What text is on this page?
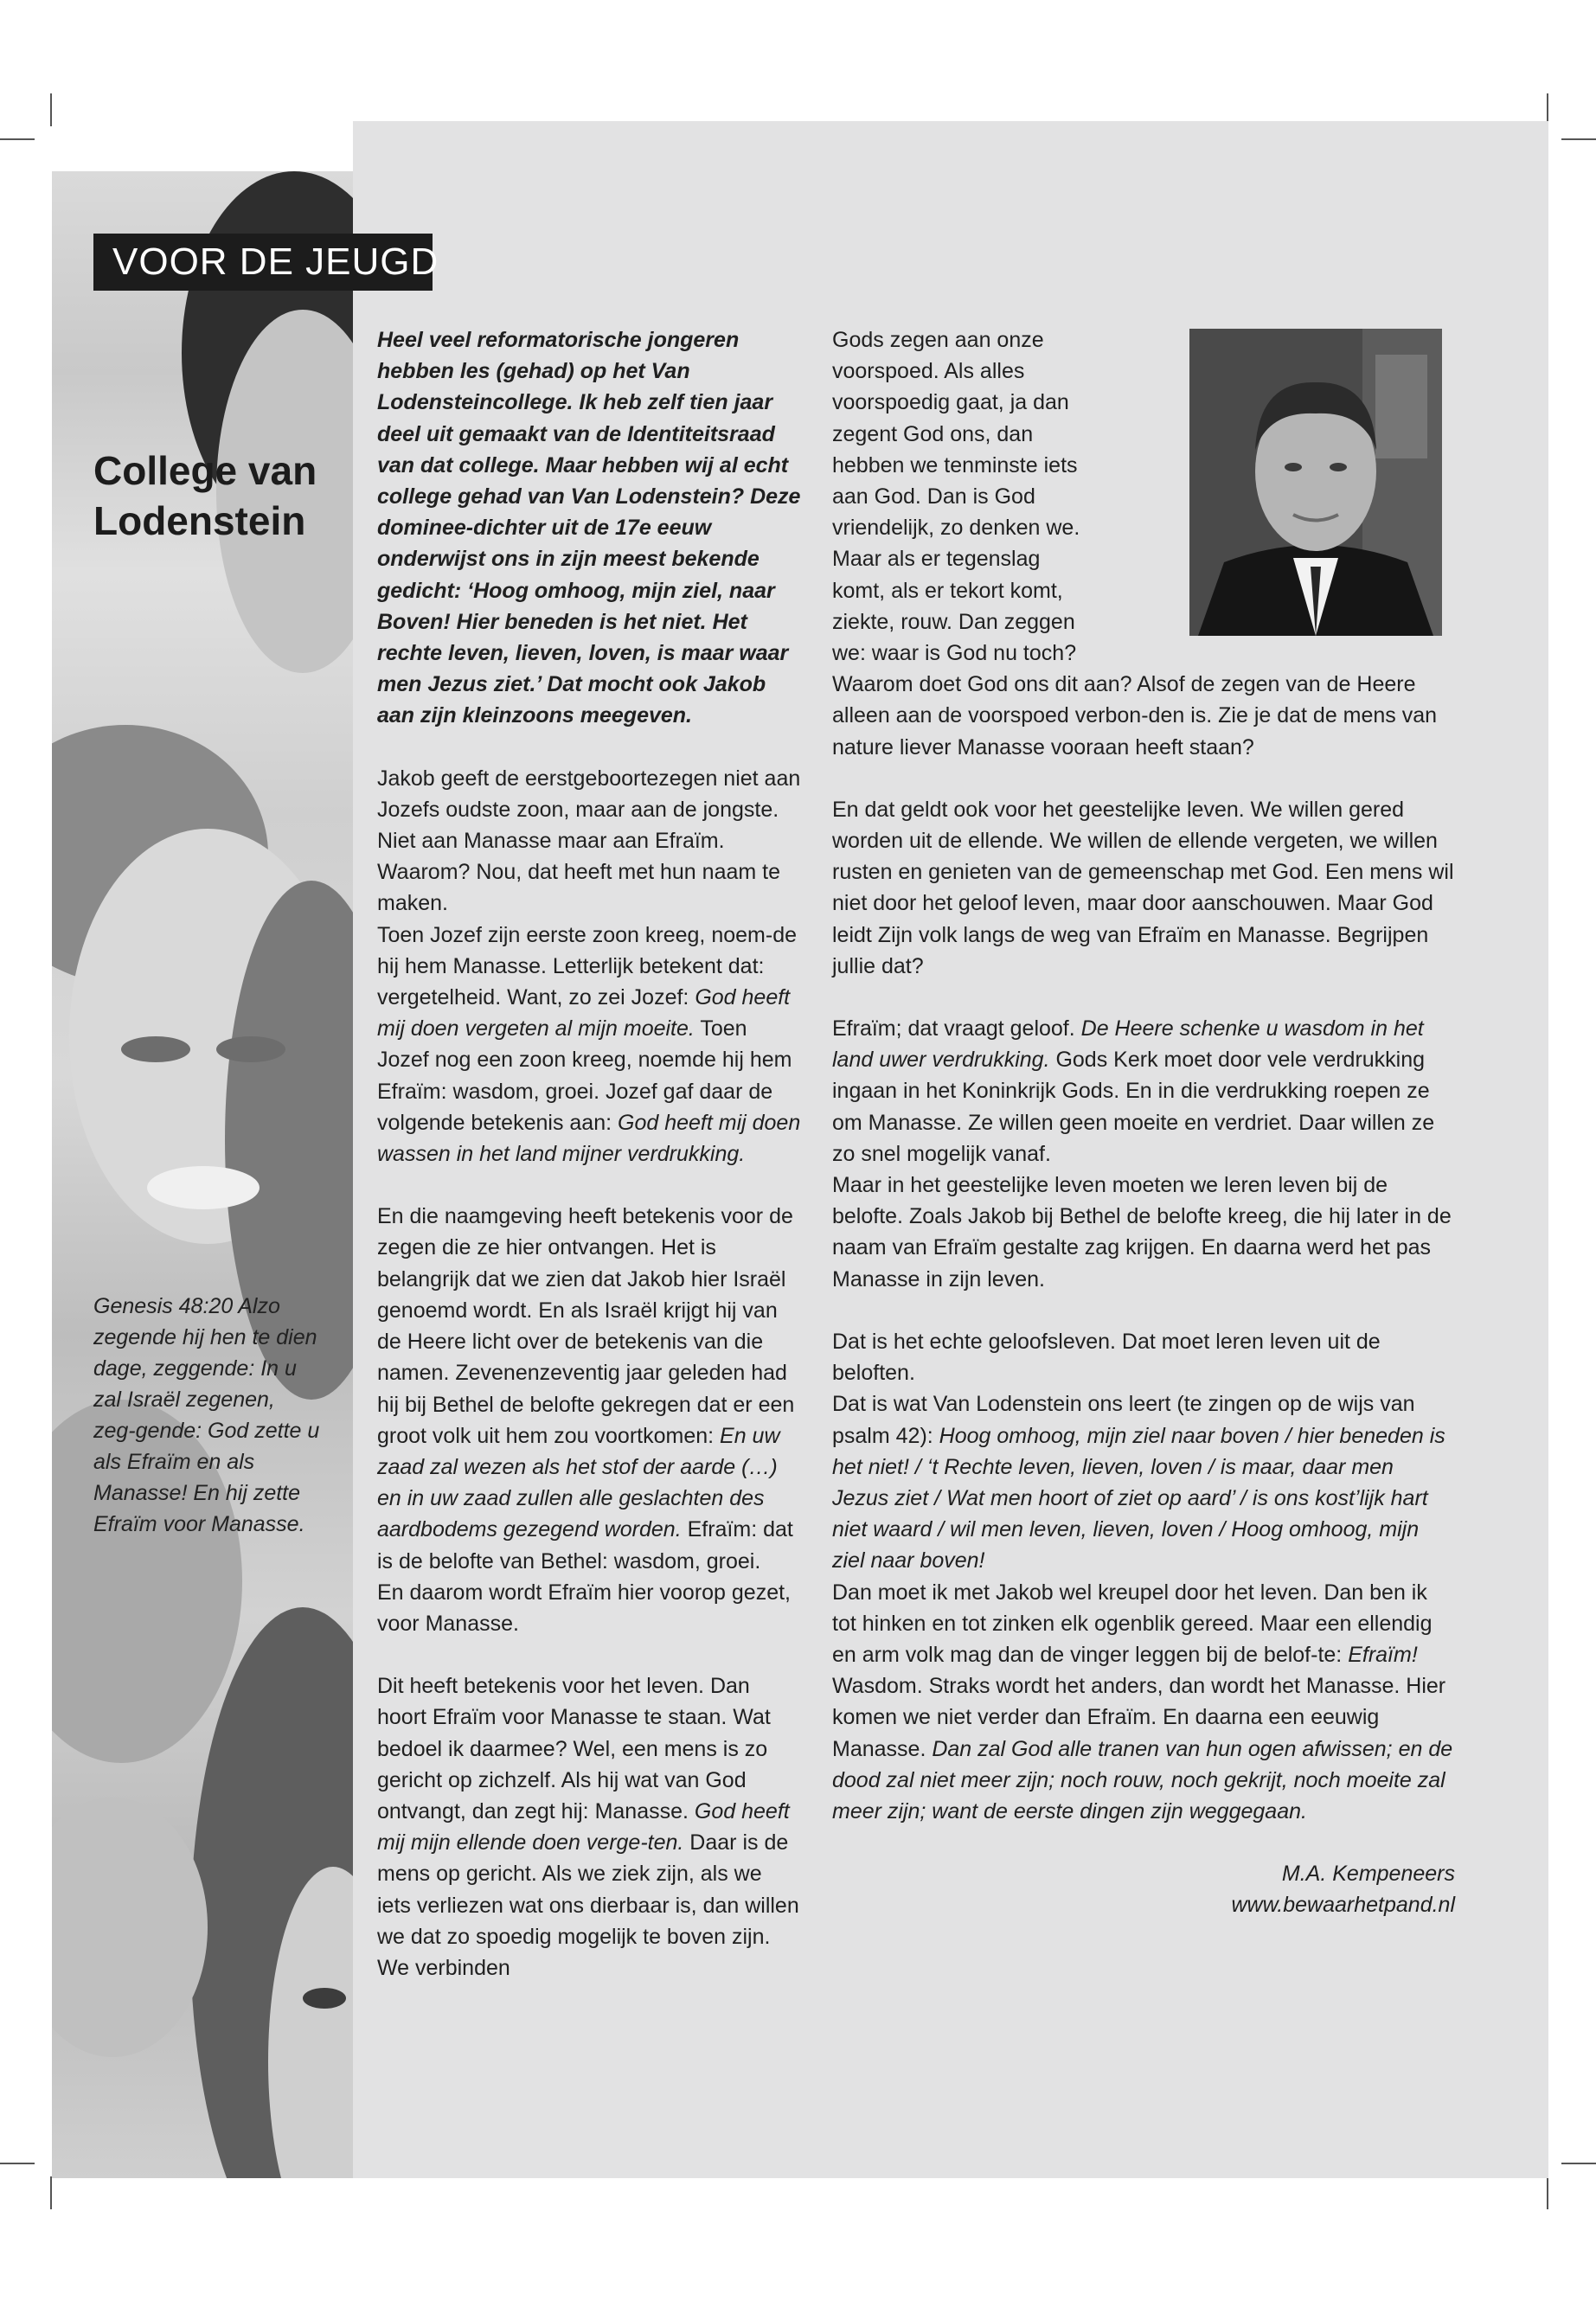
VOOR DE JEUGD
College van
Lodenstein
Genesis 48:20 Alzo zegende hij hen te dien dage, zeggende: In u zal Israël zegenen, zeg-gende: God zette u als Efraïm en als Manasse! En hij zette Efraïm voor Manasse.

Heel veel reformatorische jongeren hebben les (gehad) op het Van Lodensteincollege. Ik heb zelf tien jaar deel uit gemaakt van de Identiteitsraad van dat college. Maar hebben wij al echt college gehad van Van Lodenstein? Deze dominee-dichter uit de 17e eeuw onderwijst ons in zijn meest bekende gedicht: ‘Hoog omhoog, mijn ziel, naar Boven! Hier beneden is het niet. Het rechte leven, lieven, loven, is maar waar men Jezus ziet.’ Dat mocht ook Jakob aan zijn kleinzoons meegeven.

Jakob geeft de eerstgeboortezegen niet aan Jozefs oudste zoon, maar aan de jongste. Niet aan Manasse maar aan Efraïm. Waarom? Nou, dat heeft met hun naam te maken.
Toen Jozef zijn eerste zoon kreeg, noem-de hij hem Manasse. Letterlijk betekent dat: vergetelheid. Want, zo zei Jozef: God heeft mij doen vergeten al mijn moeite. Toen Jozef nog een zoon kreeg, noemde hij hem Efraïm: wasdom, groei. Jozef gaf daar de volgende betekenis aan: God heeft mij doen wassen in het land mijner verdrukking.

En die naamgeving heeft betekenis voor de zegen die ze hier ontvangen. Het is belangrijk dat we zien dat Jakob hier Israël genoemd wordt. En als Israël krijgt hij van de Heere licht over de betekenis van die namen. Zevenenzeventig jaar geleden had hij bij Bethel de belofte gekregen dat er een groot volk uit hem zou voortkomen: En uw zaad zal wezen als het stof der aarde (…) en in uw zaad zullen alle geslachten des aardbodems gezegend worden. Efraïm: dat is de belofte van Bethel: wasdom, groei.
En daarom wordt Efraïm hier voorop gezet, voor Manasse.

Dit heeft betekenis voor het leven. Dan hoort Efraïm voor Manasse te staan. Wat bedoel ik daarmee? Wel, een mens is zo gericht op zichzelf. Als hij wat van God ontvangt, dan zegt hij: Manasse. God heeft mij mijn ellende doen verge-ten. Daar is de mens op gericht. Als we ziek zijn, als we iets verliezen wat ons dierbaar is, dan willen we dat zo spoedig mogelijk te boven zijn. We verbinden

Gods zegen aan onze voorspoed. Als alles voorspoedig gaat, ja dan zegent God ons, dan hebben we tenminste iets aan God. Dan is God vriendelijk, zo denken we. Maar als er tegenslag komt, als er tekort komt, ziekte, rouw. Dan zeggen we: waar is God nu toch? Waarom doet God ons dit aan? Alsof de zegen van de Heere alleen aan de voorspoed verbon-den is. Zie je dat de mens van nature liever Manasse vooraan heeft staan?

En dat geldt ook voor het geestelijke leven. We willen gered worden uit de ellende. We willen de ellende vergeten, we willen rusten en genieten van de gemeenschap met God. Een mens wil niet door het geloof leven, maar door aanschouwen. Maar God leidt Zijn volk langs de weg van Efraïm en Manasse. Begrijpen jullie dat?

Efraïm; dat vraagt geloof. De Heere schenke u wasdom in het land uwer verdrukking. Gods Kerk moet door vele verdrukking ingaan in het Koninkrijk Gods. En in die verdrukking roepen ze om Manasse. Ze willen geen moeite en verdriet. Daar willen ze zo snel mogelijk vanaf.
Maar in het geestelijke leven moeten we leren leven bij de belofte. Zoals Jakob bij Bethel de belofte kreeg, die hij later in de naam van Efraïm gestalte zag krijgen. En daarna werd het pas Manasse in zijn leven.

Dat is het echte geloofsleven. Dat moet leren leven uit de beloften.
Dat is wat Van Lodenstein ons leert (te zingen op de wijs van psalm 42): Hoog omhoog, mijn ziel naar boven / hier beneden is het niet! / ‘t Rechte leven, lieven, loven / is maar, daar men Jezus ziet / Wat men hoort of ziet op aard’ / is ons kost’lijk hart niet waard / wil men leven, lieven, loven / Hoog omhoog, mijn ziel naar boven!
Dan moet ik met Jakob wel kreupel door het leven. Dan ben ik tot hinken en tot zinken elk ogenblik gereed. Maar een ellendig en arm volk mag dan de vinger leggen bij de belof-te: Efraïm! Wasdom. Straks wordt het anders, dan wordt het Manasse. Hier komen we niet verder dan Efraïm. En daarna een eeuwig Manasse. Dan zal God alle tranen van hun ogen afwissen; en de dood zal niet meer zijn; noch rouw, noch gekrijt, noch moeite zal meer zijn; want de eerste dingen zijn weggegaan.

M.A. Kempeneers
www.bewaarhetpand.nl
